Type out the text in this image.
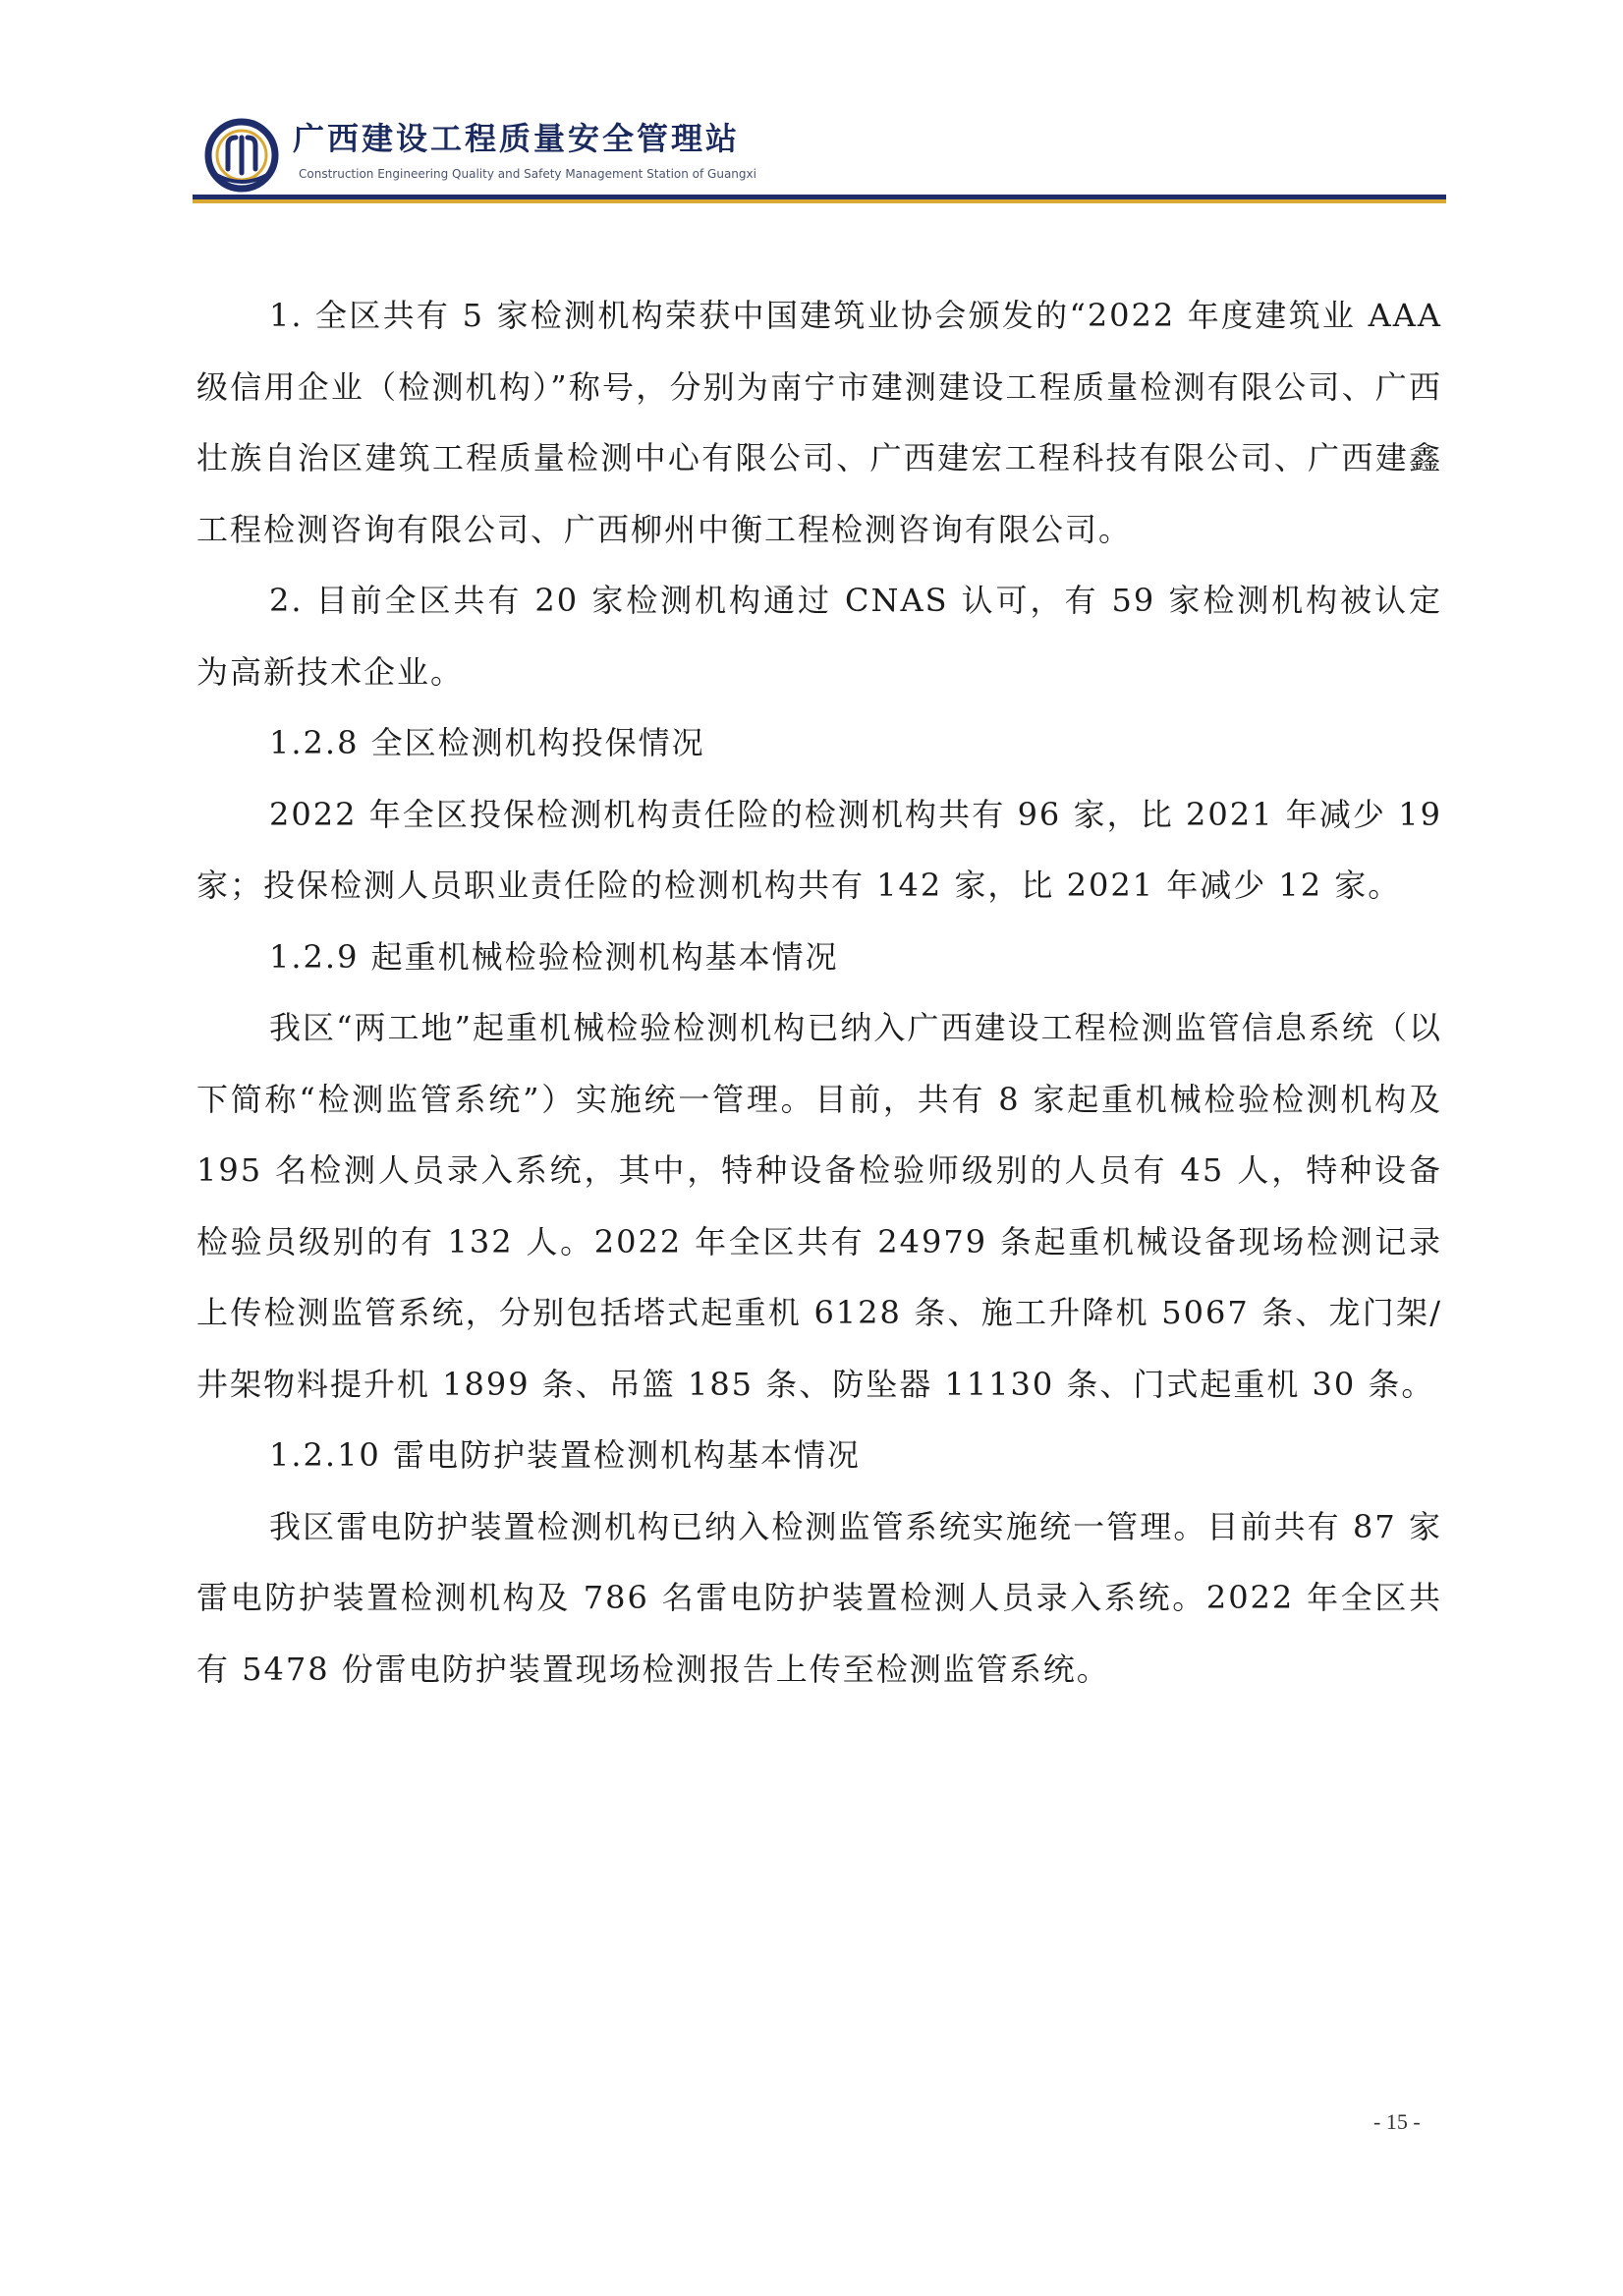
广西建设工程质量安全管理站
Construction Engineering Quality and Safety Management Station of Guangxi

1. 全区共有 5 家检测机构荣获中国建筑业协会颁发的“2022 年度建筑业 AAA 级信用企业（检测机构）”称号，分别为南宁市建测建设工程质量检测有限公司、广西壮族自治区建筑工程质量检测中心有限公司、广西建宏工程科技有限公司、广西建鑫工程检测咨询有限公司、广西柳州中衡工程检测咨询有限公司。

2. 目前全区共有 20 家检测机构通过 CNAS 认可，有 59 家检测机构被认定为高新技术企业。

1.2.8 全区检测机构投保情况

2022 年全区投保检测机构责任险的检测机构共有 96 家，比 2021 年减少 19 家；投保检测人员职业责任险的检测机构共有 142 家，比 2021 年减少 12 家。

1.2.9 起重机械检验检测机构基本情况

我区“两工地”起重机械检验检测机构已纳入广西建设工程检测监管信息系统（以下简称“检测监管系统”）实施统一管理。目前，共有 8 家起重机械检验检测机构及 195 名检测人员录入系统，其中，特种设备检验师级别的人员有 45 人，特种设备检验员级别的有 132 人。2022 年全区共有 24979 条起重机械设备现场检测记录上传检测监管系统，分别包括塔式起重机 6128 条、施工升降机 5067 条、龙门架/井架物料提升机 1899 条、吊篮 185 条、防坠器 11130 条、门式起重机 30 条。

1.2.10 雷电防护装置检测机构基本情况

我区雷电防护装置检测机构已纳入检测监管系统实施统一管理。目前共有 87 家雷电防护装置检测机构及 786 名雷电防护装置检测人员录入系统。2022 年全区共有 5478 份雷电防护装置现场检测报告上传至检测监管系统。

- 15 -
